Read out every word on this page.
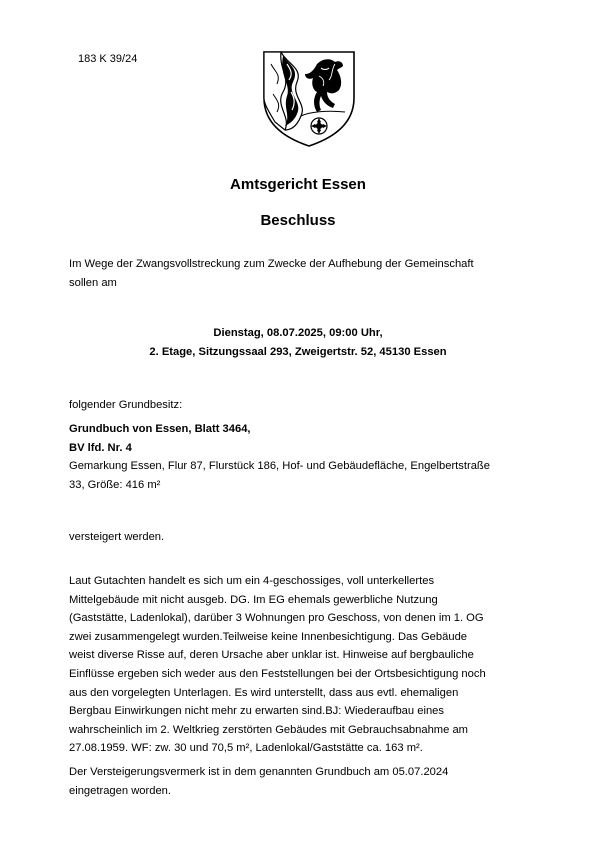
183 K 39/24
Amtsgericht Essen
Beschluss

Im Wege der Zwangsvollstreckung zum Zwecke der Aufhebung der Gemeinschaft

sollen am

Dienstag, 08.07.2025, 09:00 Uhr,

2. Etage, Sitzungssaal 293, Zweigertstr. 52, 45130 Essen

folgender Grundbesitz:

Grundbuch von Essen, Blatt 3464,

BV lfd. Nr. 4

Gemarkung Essen, Flur 87, Flurstück 186, Hof- und Gebäudefläche, Engelbertstraße

33, Größe: 416 m²

versteigert werden.

Laut Gutachten handelt es sich um ein 4-geschossiges, voll unterkellertes

Mittelgebäude mit nicht ausgeb. DG. Im EG ehemals gewerbliche Nutzung

(Gaststätte, Ladenlokal), darüber 3 Wohnungen pro Geschoss, von denen im 1. OG

zwei zusammengelegt wurden.Teilweise keine Innenbesichtigung. Das Gebäude

weist diverse Risse auf, deren Ursache aber unklar ist. Hinweise auf bergbauliche

Einflüsse ergeben sich weder aus den Feststellungen bei der Ortsbesichtigung noch

aus den vorgelegten Unterlagen. Es wird unterstellt, dass aus evtl. ehemaligen

Bergbau Einwirkungen nicht mehr zu erwarten sind.BJ: Wiederaufbau eines

wahrscheinlich im 2. Weltkrieg zerstörten Gebäudes mit Gebrauchsabnahme am

27.08.1959. WF: zw. 30 und 70,5 m², Ladenlokal/Gaststätte ca. 163 m².

Der Versteigerungsvermerk ist in dem genannten Grundbuch am 05.07.2024

eingetragen worden.
